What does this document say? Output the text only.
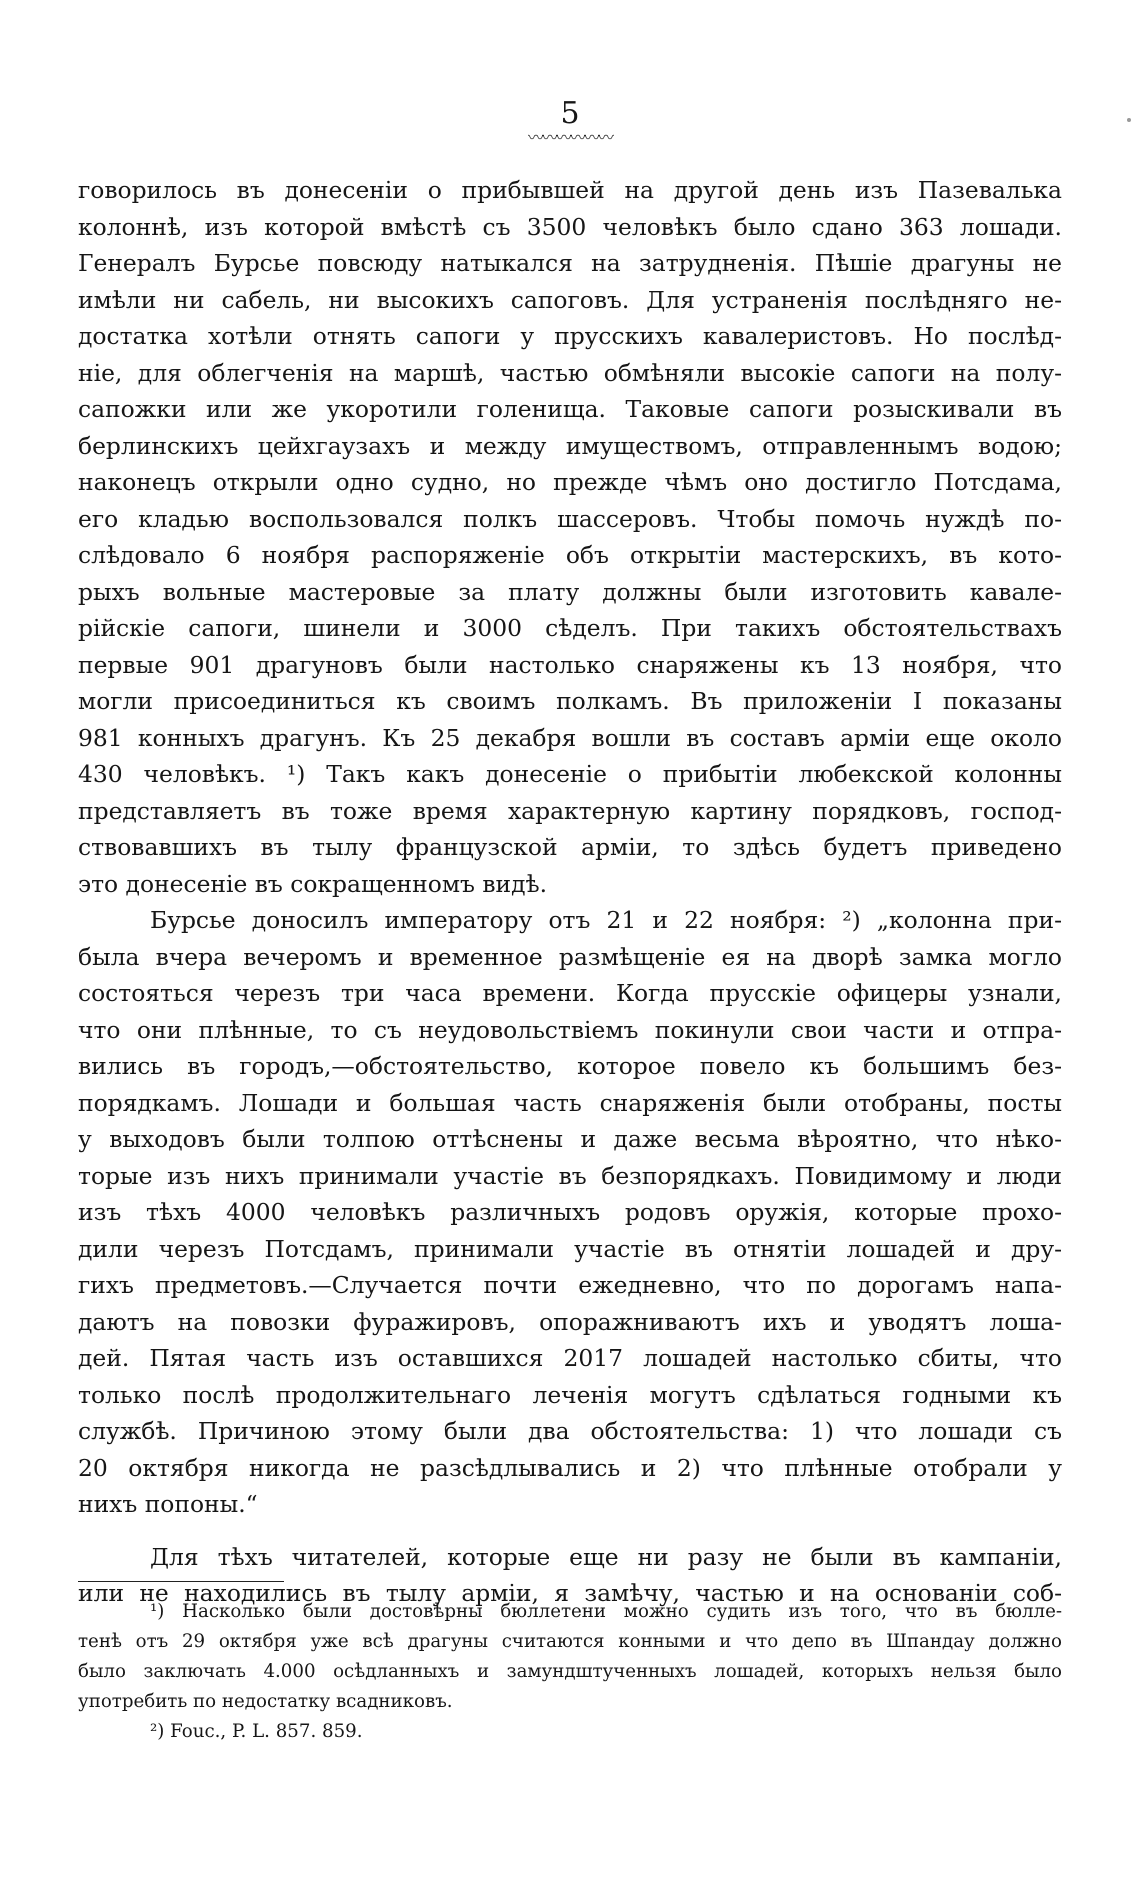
5
〰〰〰〰〰〰
говорилось въ донесенiи о прибывшей на другой день изъ Пазевалька
колоннѣ, изъ которой вмѣстѣ съ 3500 человѣкъ было сдано 363 лошади.
Генералъ Бурсье повсюду натыкался на затрудненiя. Пѣшiе драгуны не
имѣли ни сабель, ни высокихъ сапоговъ. Для устраненiя послѣдняго не-
достатка хотѣли отнять сапоги у прусскихъ кавалеристовъ. Но послѣд-
нiе, для облегченiя на маршѣ, частью обмѣняли высокiе сапоги на полу-
сапожки или же укоротили голенища. Таковые сапоги розыскивали въ
берлинскихъ цейхгаузахъ и между имуществомъ, отправленнымъ водою;
наконецъ открыли одно судно, но прежде чѣмъ оно достигло Потсдама,
его кладью воспользовался полкъ шассеровъ. Чтобы помочь нуждѣ по-
слѣдовало 6 ноября распоряженiе объ открытiи мастерскихъ, въ кото-
рыхъ вольные мастеровые за плату должны были изготовить кавале-
рiйскiе сапоги, шинели и 3000 сѣделъ. При такихъ обстоятельствахъ
первые 901 драгуновъ были настолько снаряжены къ 13 ноября, что
могли присоединиться къ своимъ полкамъ. Въ приложенiи I показаны
981 конныхъ драгунъ. Къ 25 декабря вошли въ составъ армiи еще около
430 человѣкъ. ¹) Такъ какъ донесенiе о прибытiи любекской колонны
представляетъ въ тоже время характерную картину порядковъ, господ-
ствовавшихъ въ тылу французской армiи, то здѣсь будетъ приведено
это донесенiе въ сокращенномъ видѣ.
Бурсье доносилъ императору отъ 21 и 22 ноября: ²) „колонна при-
была вчера вечеромъ и временное размѣщенiе ея на дворѣ замка могло
состояться черезъ три часа времени. Когда прусскiе офицеры узнали,
что они плѣнные, то съ неудовольствiемъ покинули свои части и отпра-
вились въ городъ,—обстоятельство, которое повело къ большимъ без-
порядкамъ. Лошади и большая часть снаряженiя были отобраны, посты
у выходовъ были толпою оттѣснены и даже весьма вѣроятно, что нѣко-
торые изъ нихъ принимали участiе въ безпорядкахъ. Повидимому и люди
изъ тѣхъ 4000 человѣкъ различныхъ родовъ оружiя, которые прохо-
дили черезъ Потсдамъ, принимали участiе въ отнятiи лошадей и дру-
гихъ предметовъ.—Случается почти ежедневно, что по дорогамъ напа-
даютъ на повозки фуражировъ, опоражниваютъ ихъ и уводятъ лоша-
дей. Пятая часть изъ оставшихся 2017 лошадей настолько сбиты, что
только послѣ продолжительнаго леченiя могутъ сдѣлаться годными къ
службѣ. Причиною этому были два обстоятельства: 1) что лошади съ
20 октября никогда не разсѣдлывались и 2) что плѣнные отобрали у
нихъ попоны.“
Для тѣхъ читателей, которые еще ни разу не были въ кампанiи,
или не находились въ тылу армiи, я замѣчу, частью и на основанiи соб-
¹) Насколько были достовѣрны бюллетени можно судить изъ того, что въ бюлле-
тенѣ отъ 29 октября уже всѣ драгуны считаются конными и что депо въ Шпандау должно
было заключать 4.000 осѣдланныхъ и замундштученныхъ лошадей, которыхъ нельзя было
употребить по недостатку всадниковъ.
²) Fouc., P. L. 857. 859.
